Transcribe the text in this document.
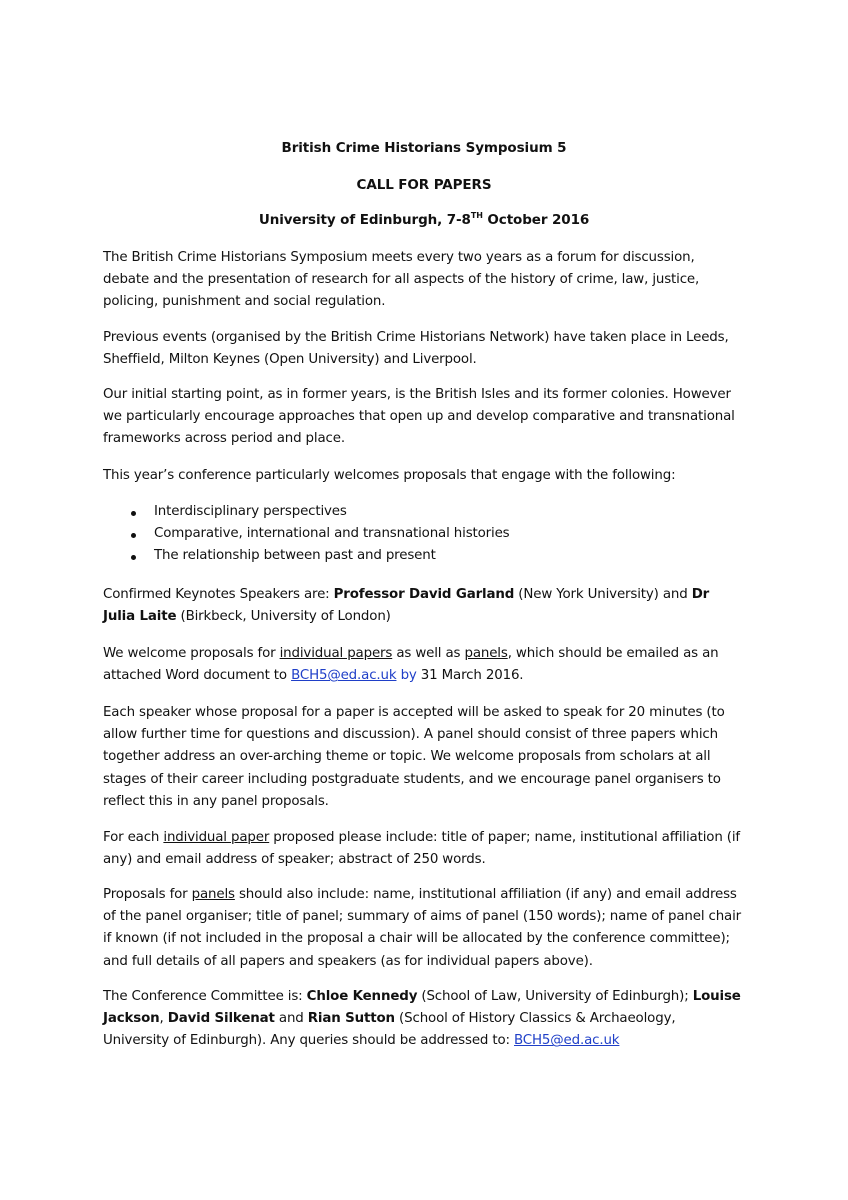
British Crime Historians Symposium 5
CALL FOR PAPERS
University of Edinburgh, 7-8TH October 2016
The British Crime Historians Symposium meets every two years as a forum for discussion, debate and the presentation of research for all aspects of the history of crime, law, justice, policing, punishment and social regulation.
Previous events (organised by the British Crime Historians Network) have taken place in Leeds, Sheffield, Milton Keynes (Open University) and Liverpool.
Our initial starting point, as in former years, is the British Isles and its former colonies. However we particularly encourage approaches that open up and develop comparative and transnational frameworks across period and place.
This year’s conference particularly welcomes proposals that engage with the following:
Interdisciplinary perspectives
Comparative, international and transnational histories
The relationship between past and present
Confirmed Keynotes Speakers are: Professor David Garland (New York University) and Dr Julia Laite (Birkbeck, University of London)
We welcome proposals for individual papers as well as panels, which should be emailed as an attached Word document to BCH5@ed.ac.uk by 31 March 2016.
Each speaker whose proposal for a paper is accepted will be asked to speak for 20 minutes (to allow further time for questions and discussion). A panel should consist of three papers which together address an over-arching theme or topic. We welcome proposals from scholars at all stages of their career including postgraduate students, and we encourage panel organisers to reflect this in any panel proposals.
For each individual paper proposed please include: title of paper; name, institutional affiliation (if any) and email address of speaker; abstract of 250 words.
Proposals for panels should also include: name, institutional affiliation (if any) and email address of the panel organiser; title of panel; summary of aims of panel (150 words); name of panel chair if known (if not included in the proposal a chair will be allocated by the conference committee); and full details of all papers and speakers (as for individual papers above).
The Conference Committee is: Chloe Kennedy (School of Law, University of Edinburgh); Louise Jackson, David Silkenat and Rian Sutton (School of History Classics & Archaeology, University of Edinburgh). Any queries should be addressed to: BCH5@ed.ac.uk
